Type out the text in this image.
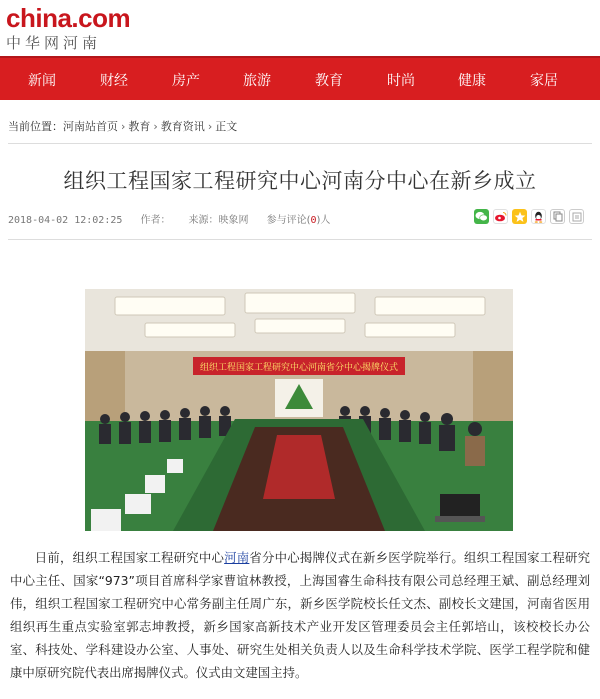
china.com
中华网河南
新闻	财经	房产	旅游	教育	时尚	健康	家居
当前位置：河南站首页 › 教育 › 教育资讯 › 正文
组织工程国家工程研究中心河南分中心在新乡成立
2018-04-02 12:02:25 作者： 来源：映象网 参与评论(0)人
组织工程国家工程研究中心河南省分中心揭牌仪式
日前，组织工程国家工程研究中心河南省分中心揭牌仪式在新乡医学院举行。组织工程国家工程研究中心主任、国家“973”项目首席科学家曹谊林教授，上海国睿生命科技有限公司总经理王斌、副总经理刘伟，组织工程国家工程研究中心常务副主任周广东，新乡医学院校长任文杰、副校长文建国，河南省医用组织再生重点实验室郭志坤教授，新乡国家高新技术产业开发区管理委员会主任郭培山，该校校长办公室、科技处、学科建设办公室、人事处、研究生处相关负责人以及生命科学技术学院、医学工程学院和健康中原研究院代表出席揭牌仪式。仪式由文建国主持。
